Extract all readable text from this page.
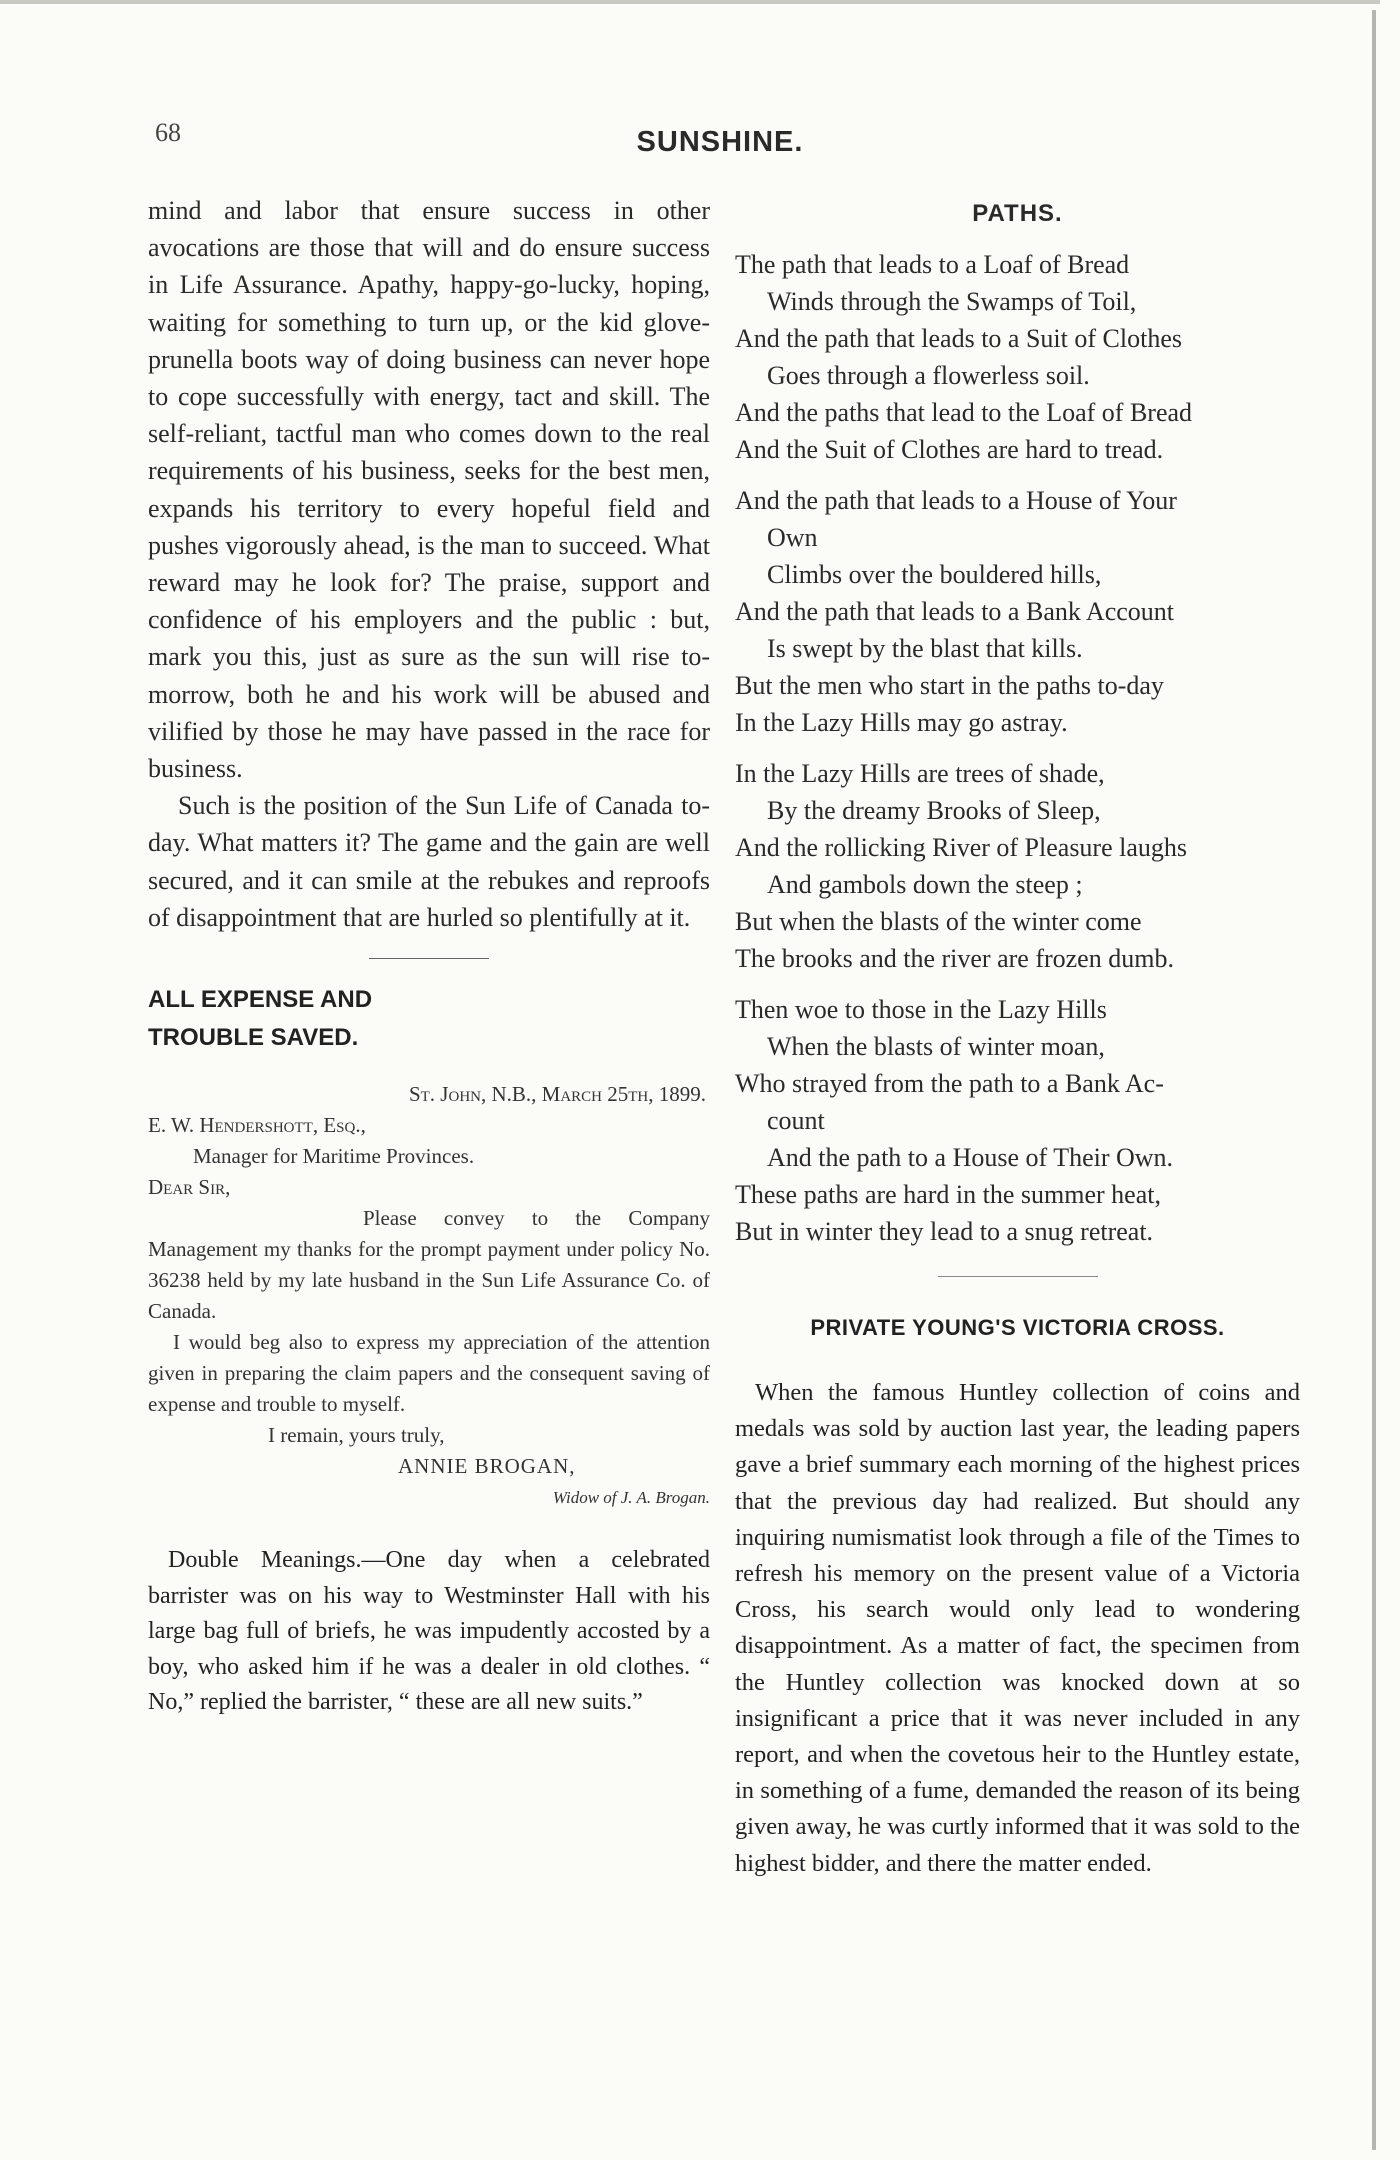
68	SUNSHINE.

mind and labor that ensure success in other avocations are those that will and do ensure success in Life Assurance. Apathy, happy-go-lucky, hoping, waiting for something to turn up, or the kid glove-prunella boots way of doing business can never hope to cope successfully with energy, tact and skill. The self-reliant, tactful man who comes down to the real requirements of his business, seeks for the best men, expands his territory to every hopeful field and pushes vigorously ahead, is the man to succeed. What reward may he look for? The praise, support and confidence of his employers and the public : but, mark you this, just as sure as the sun will rise to-morrow, both he and his work will be abused and vilified by those he may have passed in the race for business.

Such is the position of the Sun Life of Canada to-day. What matters it? The game and the gain are well secured, and it can smile at the rebukes and reproofs of disappointment that are hurled so plentifully at it.

ALL EXPENSE AND

TROUBLE SAVED.

St. John, N.B., March 25th, 1899.
E. W. Hendershott, Esq.,
Manager for Maritime Provinces.
Dear Sir,

Please convey to the Company Management my thanks for the prompt payment under policy No. 36238 held by my late husband in the Sun Life Assurance Co. of Canada.

I would beg also to express my appreciation of the attention given in preparing the claim papers and the consequent saving of expense and trouble to myself.

I remain, yours truly,
ANNIE BROGAN,
Widow of J. A. Brogan.

Double Meanings.—One day when a celebrated barrister was on his way to Westminster Hall with his large bag full of briefs, he was impudently accosted by a boy, who asked him if he was a dealer in old clothes. “ No,” replied the barrister, “ these are all new suits.”

PATHS.
The path that leads to a Loaf of Bread
Winds through the Swamps of Toil,
And the path that leads to a Suit of Clothes
Goes through a flowerless soil.
And the paths that lead to the Loaf of Bread
And the Suit of Clothes are hard to tread.
And the path that leads to a House of Your
Own
Climbs over the bouldered hills,
And the path that leads to a Bank Account
Is swept by the blast that kills.
But the men who start in the paths to-day
In the Lazy Hills may go astray.
In the Lazy Hills are trees of shade,
By the dreamy Brooks of Sleep,
And the rollicking River of Pleasure laughs
And gambols down the steep ;
But when the blasts of the winter come
The brooks and the river are frozen dumb.
Then woe to those in the Lazy Hills
When the blasts of winter moan,
Who strayed from the path to a Bank Ac-
count
And the path to a House of Their Own.
These paths are hard in the summer heat,
But in winter they lead to a snug retreat.
PRIVATE YOUNG'S VICTORIA CROSS.

When the famous Huntley collection of coins and medals was sold by auction last year, the leading papers gave a brief summary each morning of the highest prices that the previous day had realized. But should any inquiring numismatist look through a file of the Times to refresh his memory on the present value of a Victoria Cross, his search would only lead to wondering disappointment. As a matter of fact, the specimen from the Huntley collection was knocked down at so insignificant a price that it was never included in any report, and when the covetous heir to the Huntley estate, in something of a fume, demanded the reason of its being given away, he was curtly informed that it was sold to the highest bidder, and there the matter ended.
